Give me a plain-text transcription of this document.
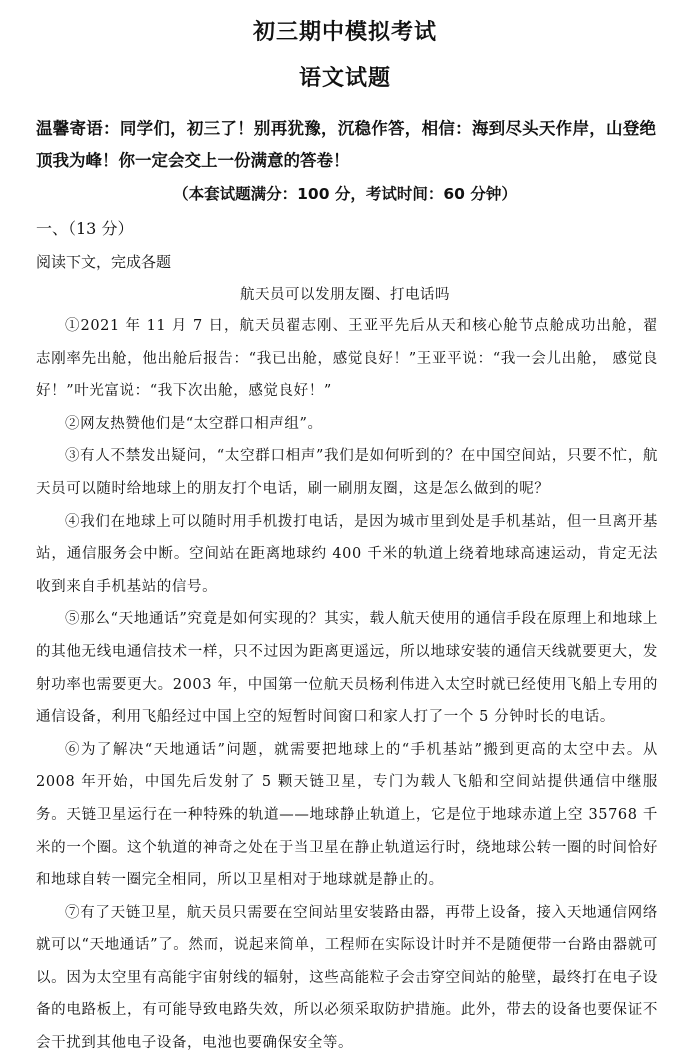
初三期中模拟考试
语文试题
温馨寄语：同学们，初三了！别再犹豫，沉稳作答，相信：海到尽头天作岸，山登绝顶我为峰！你一定会交上一份满意的答卷！
（本套试题满分：100 分，考试时间：60 分钟）
一、（13 分）
阅读下文，完成各题
航天员可以发朋友圈、打电话吗

①2021 年 11 月 7 日，航天员翟志刚、王亚平先后从天和核心舱节点舱成功出舱，翟志刚率先出舱，他出舱后报告：“我已出舱，感觉良好！”王亚平说：“我一会儿出舱， 感觉良好！”叶光富说：“我下次出舱，感觉良好！”

②网友热赞他们是“太空群口相声组”。

③有人不禁发出疑问，“太空群口相声”我们是如何听到的？在中国空间站，只要不忙，航天员可以随时给地球上的朋友打个电话，刷一刷朋友圈，这是怎么做到的呢？

④我们在地球上可以随时用手机拨打电话，是因为城市里到处是手机基站，但一旦离开基站，通信服务会中断。空间站在距离地球约 400 千米的轨道上绕着地球高速运动，肯定无法收到来自手机基站的信号。

⑤那么“天地通话”究竟是如何实现的？其实，载人航天使用的通信手段在原理上和地球上的其他无线电通信技术一样，只不过因为距离更遥远，所以地球安装的通信天线就要更大，发射功率也需要更大。2003 年，中国第一位航天员杨利伟进入太空时就已经使用飞船上专用的通信设备，利用飞船经过中国上空的短暂时间窗口和家人打了一个 5 分钟时长的电话。

⑥为了解决“天地通话”问题，就需要把地球上的“手机基站”搬到更高的太空中去。从 2008 年开始，中国先后发射了 5 颗天链卫星，专门为载人飞船和空间站提供通信中继服务。天链卫星运行在一种特殊的轨道——地球静止轨道上，它是位于地球赤道上空 35768 千米的一个圈。这个轨道的神奇之处在于当卫星在静止轨道运行时，绕地球公转一圈的时间恰好和地球自转一圈完全相同，所以卫星相对于地球就是静止的。

⑦有了天链卫星，航天员只需要在空间站里安装路由器，再带上设备，接入天地通信网络就可以“天地通话”了。然而，说起来简单，工程师在实际设计时并不是随便带一台路由器就可以。因为太空里有高能宇宙射线的辐射，这些高能粒子会击穿空间站的舱壁，最终打在电子设备的电路板上，有可能导致电路失效，所以必须采取防护措施。此外，带去的设备也要保证不会干扰到其他电子设备，电池也要确保安全等。
